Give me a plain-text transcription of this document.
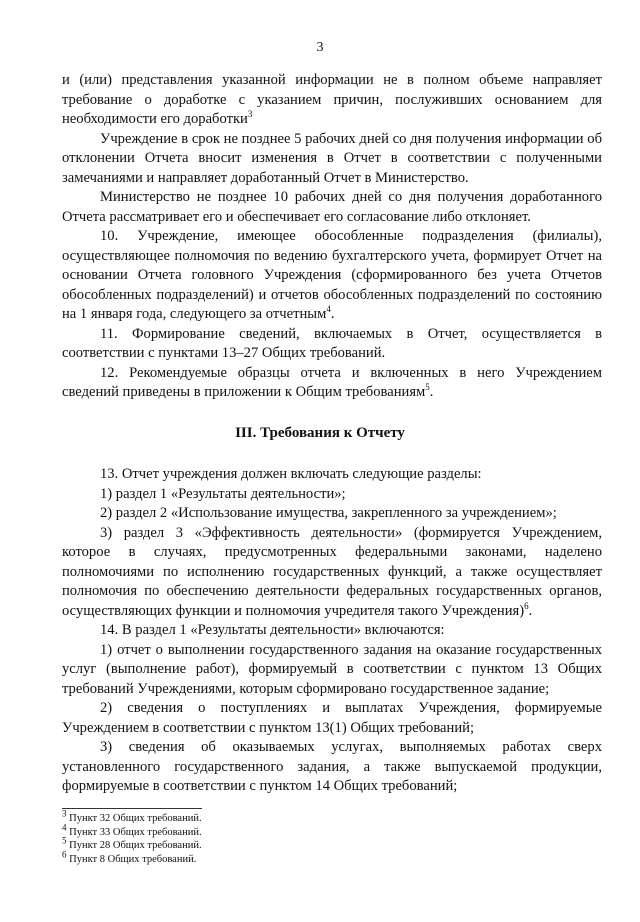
3

и (или) представления указанной информации не в полном объеме направляет требование о доработке с указанием причин, послуживших основанием для необходимости его доработки$^3$

Учреждение в срок не позднее 5 рабочих дней со дня получения информации об отклонении Отчета вносит изменения в Отчет в соответствии с полученными замечаниями и направляет доработанный Отчет в Министерство.

Министерство не позднее 10 рабочих дней со дня получения доработанного Отчета рассматривает его и обеспечивает его согласование либо отклоняет.

10. Учреждение, имеющее обособленные подразделения (филиалы), осуществляющее полномочия по ведению бухгалтерского учета, формирует Отчет на основании Отчета головного Учреждения (сформированного без учета Отчетов обособленных подразделений) и отчетов обособленных подразделений по состоянию на 1 января года, следующего за отчетным$^4$.

11. Формирование сведений, включаемых в Отчет, осуществляется в соответствии с пунктами 13–27 Общих требований.

12. Рекомендуемые образцы отчета и включенных в него Учреждением сведений приведены в приложении к Общим требованиям$^5$.

III. Требования к Отчету

13. Отчет учреждения должен включать следующие разделы:

1) раздел 1 «Результаты деятельности»;

2) раздел 2 «Использование имущества, закрепленного за учреждением»;

3) раздел 3 «Эффективность деятельности» (формируется Учреждением, которое в случаях, предусмотренных федеральными законами, наделено полномочиями по исполнению государственных функций, а также осуществляет полномочия по обеспечению деятельности федеральных государственных органов, осуществляющих функции и полномочия учредителя такого Учреждения)$^6$.

14. В раздел 1 «Результаты деятельности» включаются:

1) отчет о выполнении государственного задания на оказание государственных услуг (выполнение работ), формируемый в соответствии с пунктом 13 Общих требований Учреждениями, которым сформировано государственное задание;

2) сведения о поступлениях и выплатах Учреждения, формируемые Учреждением в соответствии с пунктом 13(1) Общих требований;

3) сведения об оказываемых услугах, выполняемых работах сверх установленного государственного задания, а также выпускаемой продукции, формируемые в соответствии с пунктом 14 Общих требований;

$^3$ Пункт 32 Общих требований.
$^4$ Пункт 33 Общих требований.
$^5$ Пункт 28 Общих требований.
$^6$ Пункт 8 Общих требований.
